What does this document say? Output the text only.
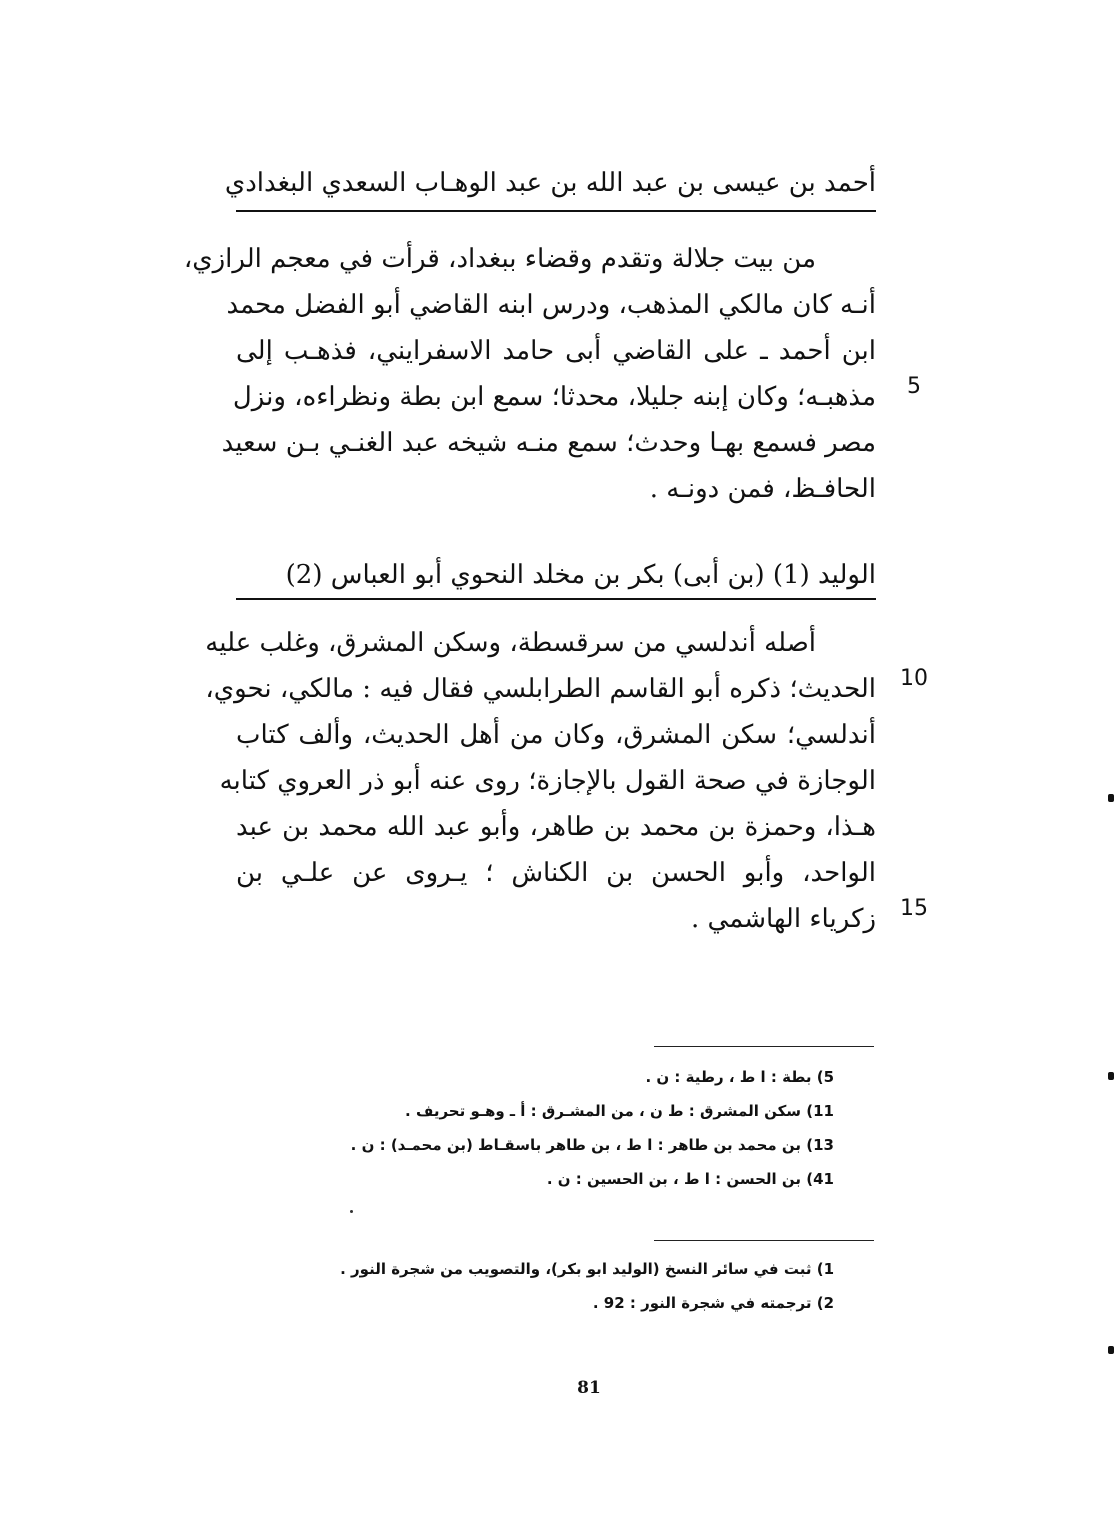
أحمد بن عيسى بن عبد الله بن عبد الوهـاب السعدي البغدادي
من بيت جلالة وتقدم وقضاء ببغداد، قرأت في معجم الرازي،
أنـه كان مالكي المذهب، ودرس ابنه القاضي أبو الفضل محمد
ابن أحمد ـ على القاضي أبى حامد الاسفرايني، فذهـب إلى
مذهبـه؛ وكان إبنه جليلا، محدثا؛ سمع ابن بطة ونظراءه، ونزل
مصر فسمع بهـا وحدث؛ سمع منـه شيخه عبد الغنـي بـن سعيد
الحافـظ، فمن دونـه .
5
الوليد (1) (بن أبى) بكر بن مخلد النحوي أبو العباس (2)
أصله أندلسي من سرقسطة، وسكن المشرق، وغلب عليه
الحديث؛ ذكره أبو القاسم الطرابلسي فقال فيه : مالكي، نحوي،
أندلسي؛ سكن المشرق، وكان من أهل الحديث، وألف كتاب
الوجازة في صحة القول بالإجازة؛ روى عنه أبو ذر العروي كتابه
هـذا، وحمزة بن محمد بن طاهر، وأبو عبد الله محمد بن عبد
الواحد، وأبو الحسن بن الكناش ؛ يـروى عن علـي بن
زكرياء الهاشمي .
10
15
5) بطة : ا ط ، رطية : ن .
11) سكن المشرق : ط ن ، من المشـرق : أ ـ وهـو تحريف .
13) بن محمد بن طاهر : ا ط ، بن طاهر باسقـاط (بن محمـد) : ن .
41) بن الحسن : ا ط ، بن الحسين : ن .
1) ثبت في سائر النسخ (الوليد ابو بكر)، والتصويب من شجرة النور .
2) ترجمته في شجرة النور : 92 .
81
